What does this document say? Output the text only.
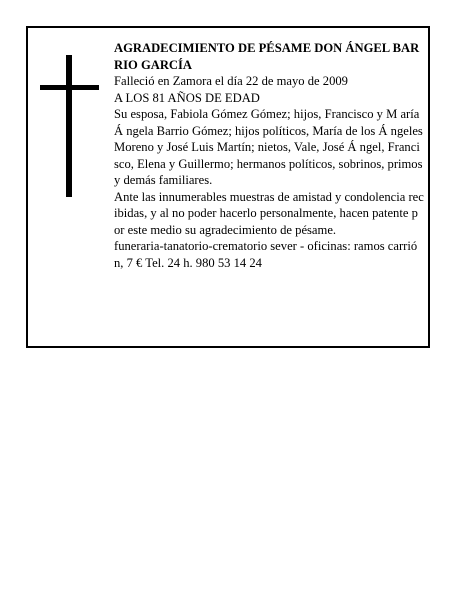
AGRADECIMIENTO DE PÉSAME DON ÁNGEL BARRIO GARCÍA

Falleció en Zamora el día 22 de mayo de 2009

A LOS 81 AÑOS DE EDAD

Su esposa, Fabiola Gómez Gómez; hijos, Francisco y M aría Á ngela Barrio Gómez; hijos políticos, María de los Á ngeles Moreno y José Luis Martín; nietos, Vale, José Á ngel, Francisco, Elena y Guillermo; hermanos políticos, sobrinos, primos y demás familiares.

Ante las innumerables muestras de amistad y condolencia recibidas, y al no poder hacerlo personalmente, hacen patente por este medio su agradecimiento de pésame.

funeraria-tanatorio-crematorio sever - oficinas: ramos carrión, 7 € Tel. 24 h. 980 53 14 24
